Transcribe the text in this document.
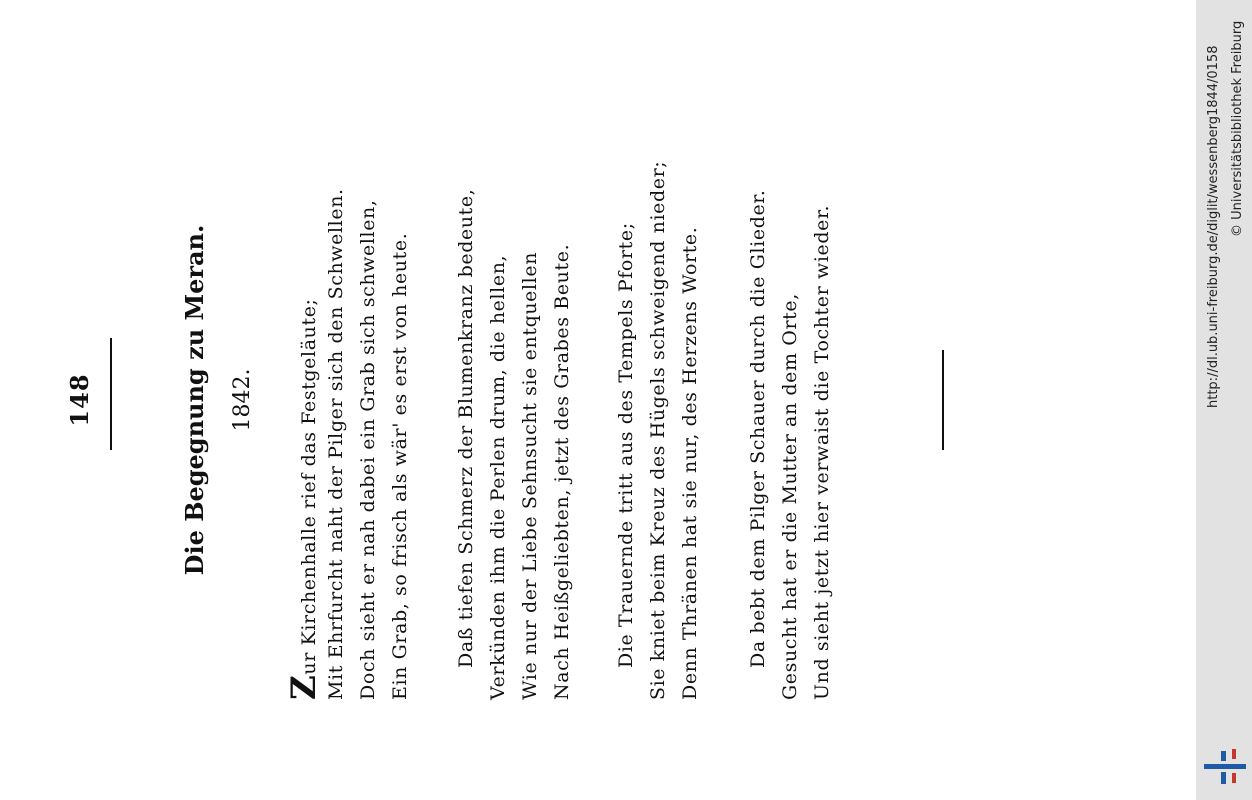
148	Die Begegnung zu Meran. 1842.
Zur Kirchenhalle rief das Festgeläute; Mit Ehrfurcht naht der Pilger sich den Schwellen. Doch sieht er nah dabei ein Grab sich schwellen, Ein Grab, so frisch als wär' es erst von heute. Daß tiefen Schmerz der Blumenkranz bedeute, Verkünden ihm die Perlen drum, die hellen, Wie nur der Liebe Sehnsucht sie entquellen Nach Heißgeliebten, jetzt des Grabes Beute. Die Trauernde tritt aus des Tempels Pforte; Sie kniet beim Kreuz des Hügels schweigend nieder; Denn Thränen hat sie nur, des Herzens Worte. Da bebt dem Pilger Schauer durch die Glieder. Gesucht hat er die Mutter an dem Orte, Und sieht jetzt hier verwaist die Tochter wieder.	http://dl.ub.uni-freiburg.de/diglit/wessenberg1844/0158 © Universitätsbibliothek Freiburg
